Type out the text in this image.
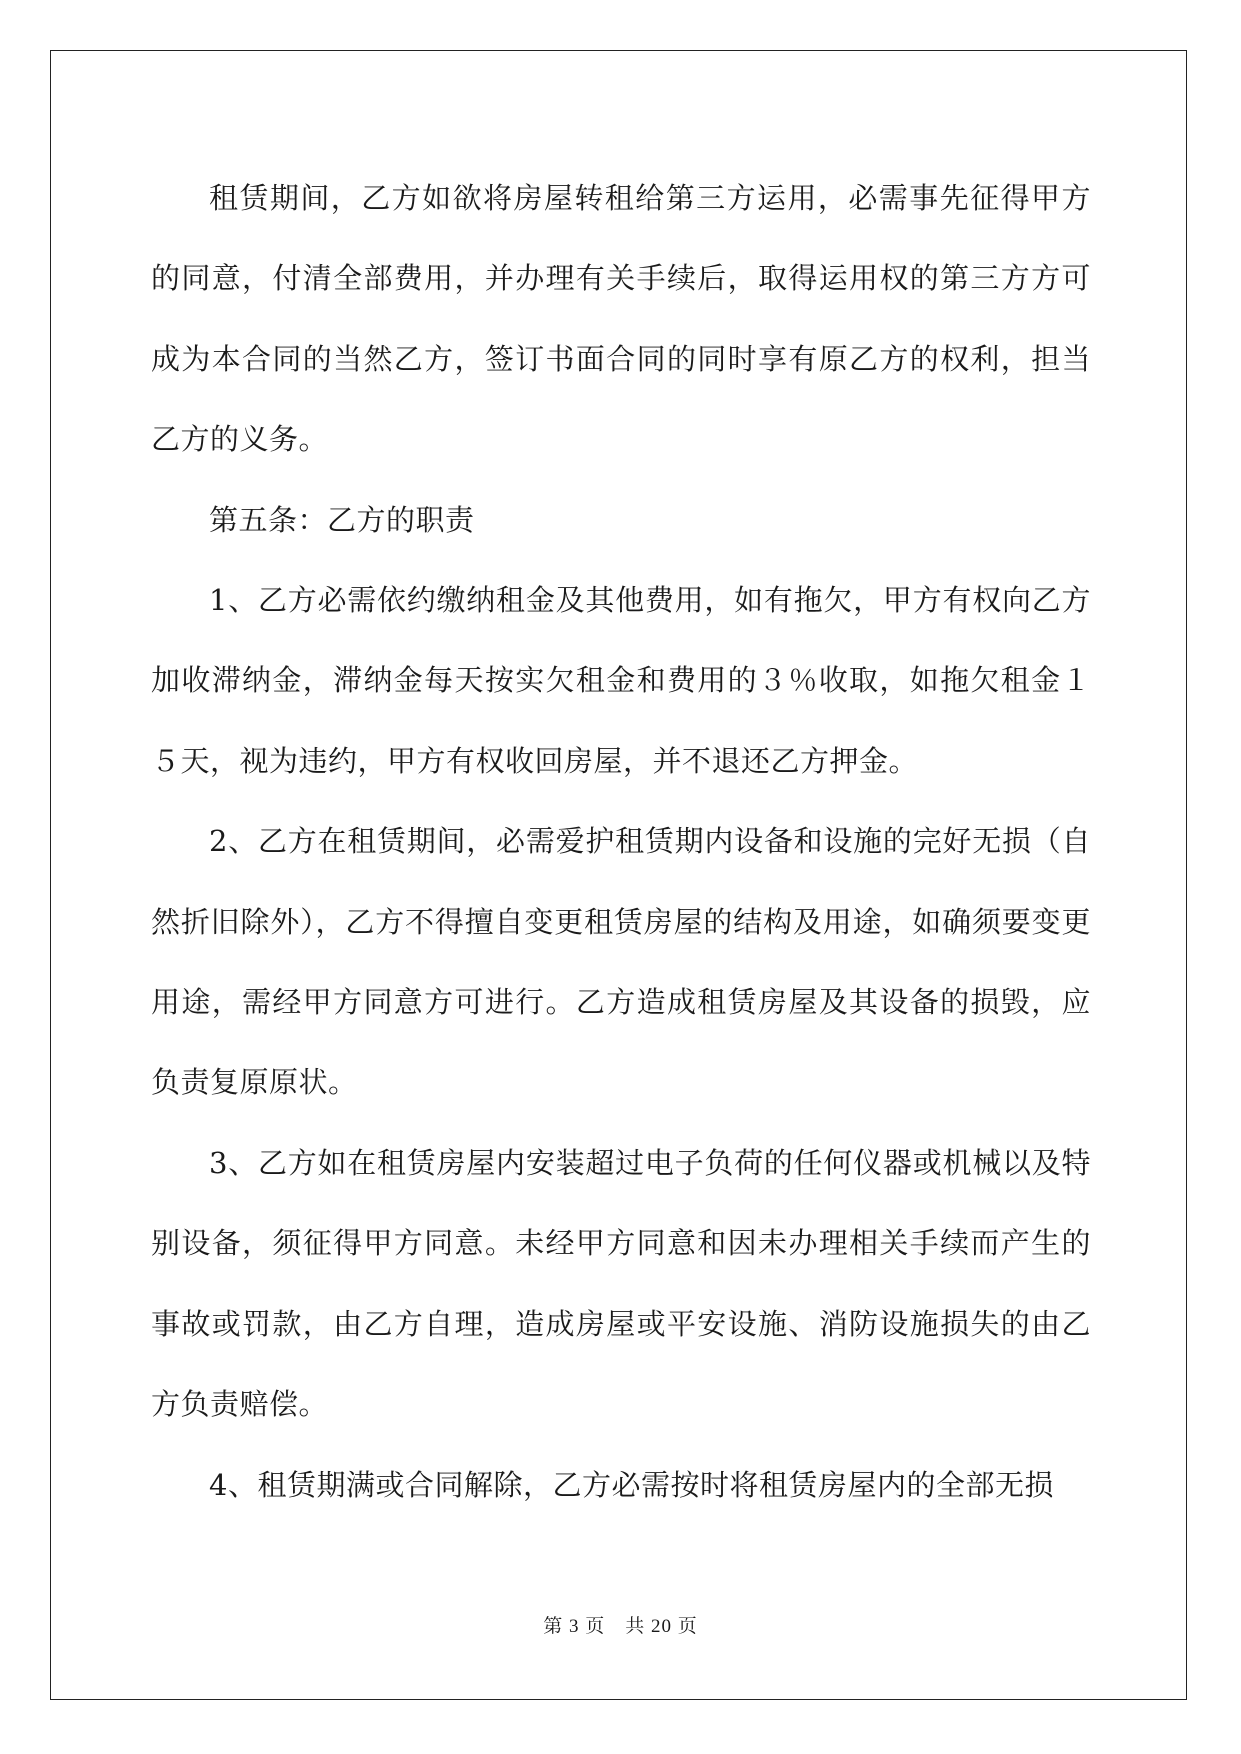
租赁期间，乙方如欲将房屋转租给第三方运用，必需事先征得甲方的同意，付清全部费用，并办理有关手续后，取得运用权的第三方方可成为本合同的当然乙方，签订书面合同的同时享有原乙方的权利，担当乙方的义务。

第五条：乙方的职责

1、乙方必需依约缴纳租金及其他费用，如有拖欠，甲方有权向乙方加收滞纳金，滞纳金每天按实欠租金和费用的３％收取，如拖欠租金１５天，视为违约，甲方有权收回房屋，并不退还乙方押金。

2、乙方在租赁期间，必需爱护租赁期内设备和设施的完好无损（自然折旧除外），乙方不得擅自变更租赁房屋的结构及用途，如确须要变更用途，需经甲方同意方可进行。乙方造成租赁房屋及其设备的损毁，应负责复原原状。

3、乙方如在租赁房屋内安装超过电子负荷的任何仪器或机械以及特别设备，须征得甲方同意。未经甲方同意和因未办理相关手续而产生的事故或罚款，由乙方自理，造成房屋或平安设施、消防设施损失的由乙方负责赔偿。

4、租赁期满或合同解除，乙方必需按时将租赁房屋内的全部无损

第 3 页　共 20 页
